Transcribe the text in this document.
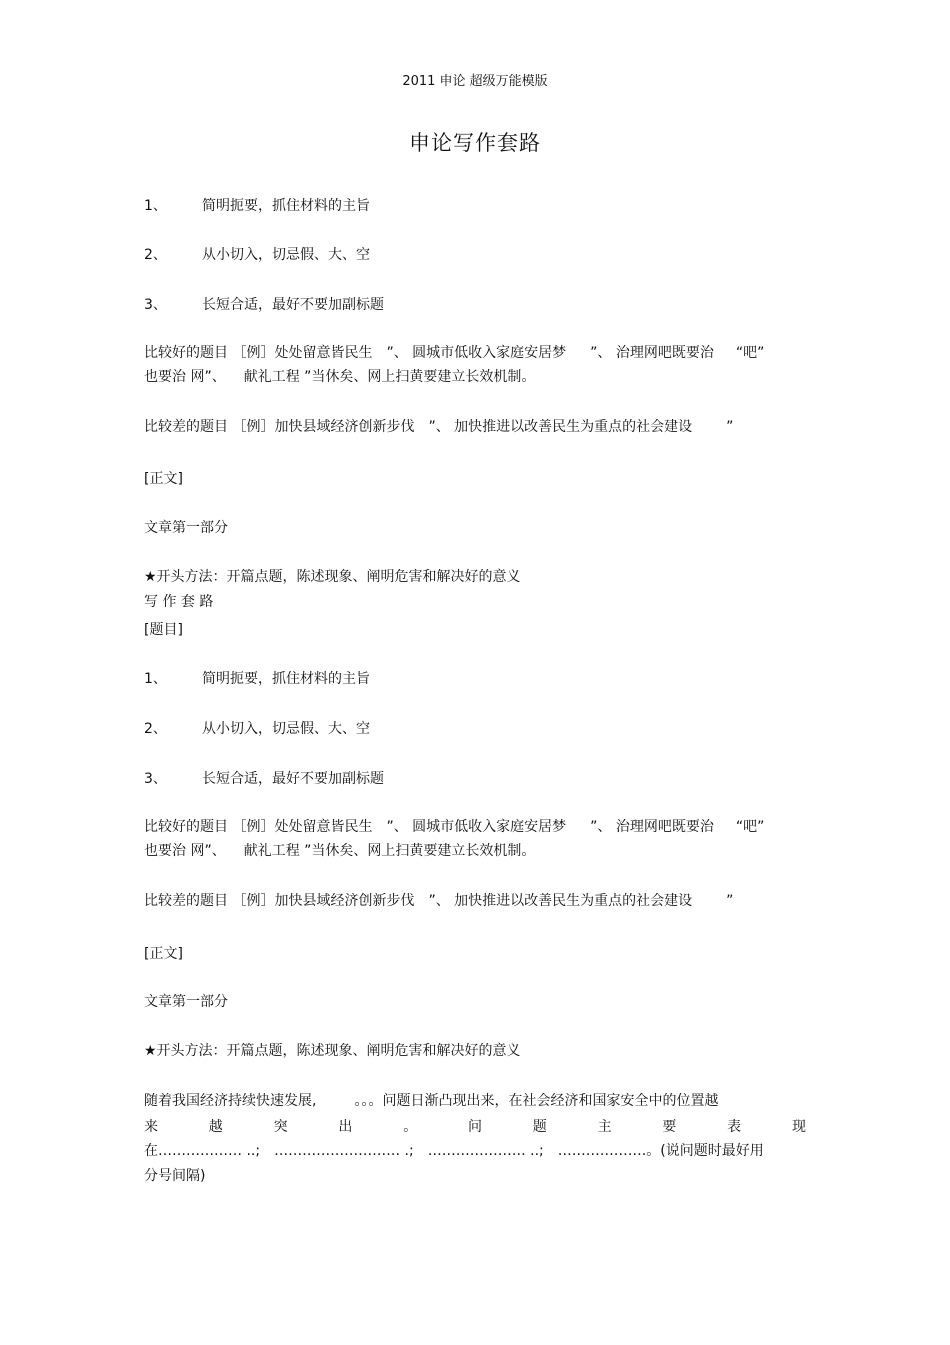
2011 申论 超级万能模版
申论写作套路
1、	简明扼要，抓住材料的主旨
2、	从小切入，切忌假、大、空
3、	长短合适，最好不要加副标题
比较好的题目 ［例］处处留意皆民生 ”、 圆城市低收入家庭安居梦 ”、 治理网吧既要治 “吧”
也要治 网”、 献礼工程 ”当休矣、网上扫黄要建立长效机制。
比较差的题目 ［例］加快县域经济创新步伐 ”、 加快推进以改善民生为重点的社会建设 ”
[正文]
文章第一部分
★开头方法：开篇点题，陈述现象、阐明危害和解决好的意义
写 作 套 路
[题目]
1、	简明扼要，抓住材料的主旨
2、	从小切入，切忌假、大、空
3、	长短合适，最好不要加副标题
比较好的题目 ［例］处处留意皆民生 ”、 圆城市低收入家庭安居梦 ”、 治理网吧既要治 “吧”
也要治 网”、 献礼工程 ”当休矣、网上扫黄要建立长效机制。
比较差的题目 ［例］加快县域经济创新步伐 ”、 加快推进以改善民生为重点的社会建设 ”
[正文]
文章第一部分
★开头方法：开篇点题，陈述现象、阐明危害和解决好的意义
随着我国经济持续快速发展,	。。。问题日渐凸现出来，在社会经济和国家安全中的位置越
来	越	突	出	。	问	题	主	要	表	现
在……………… ..; ……………………… .; ………………… ..; ……………….。(说问题时最好用
分号间隔)
